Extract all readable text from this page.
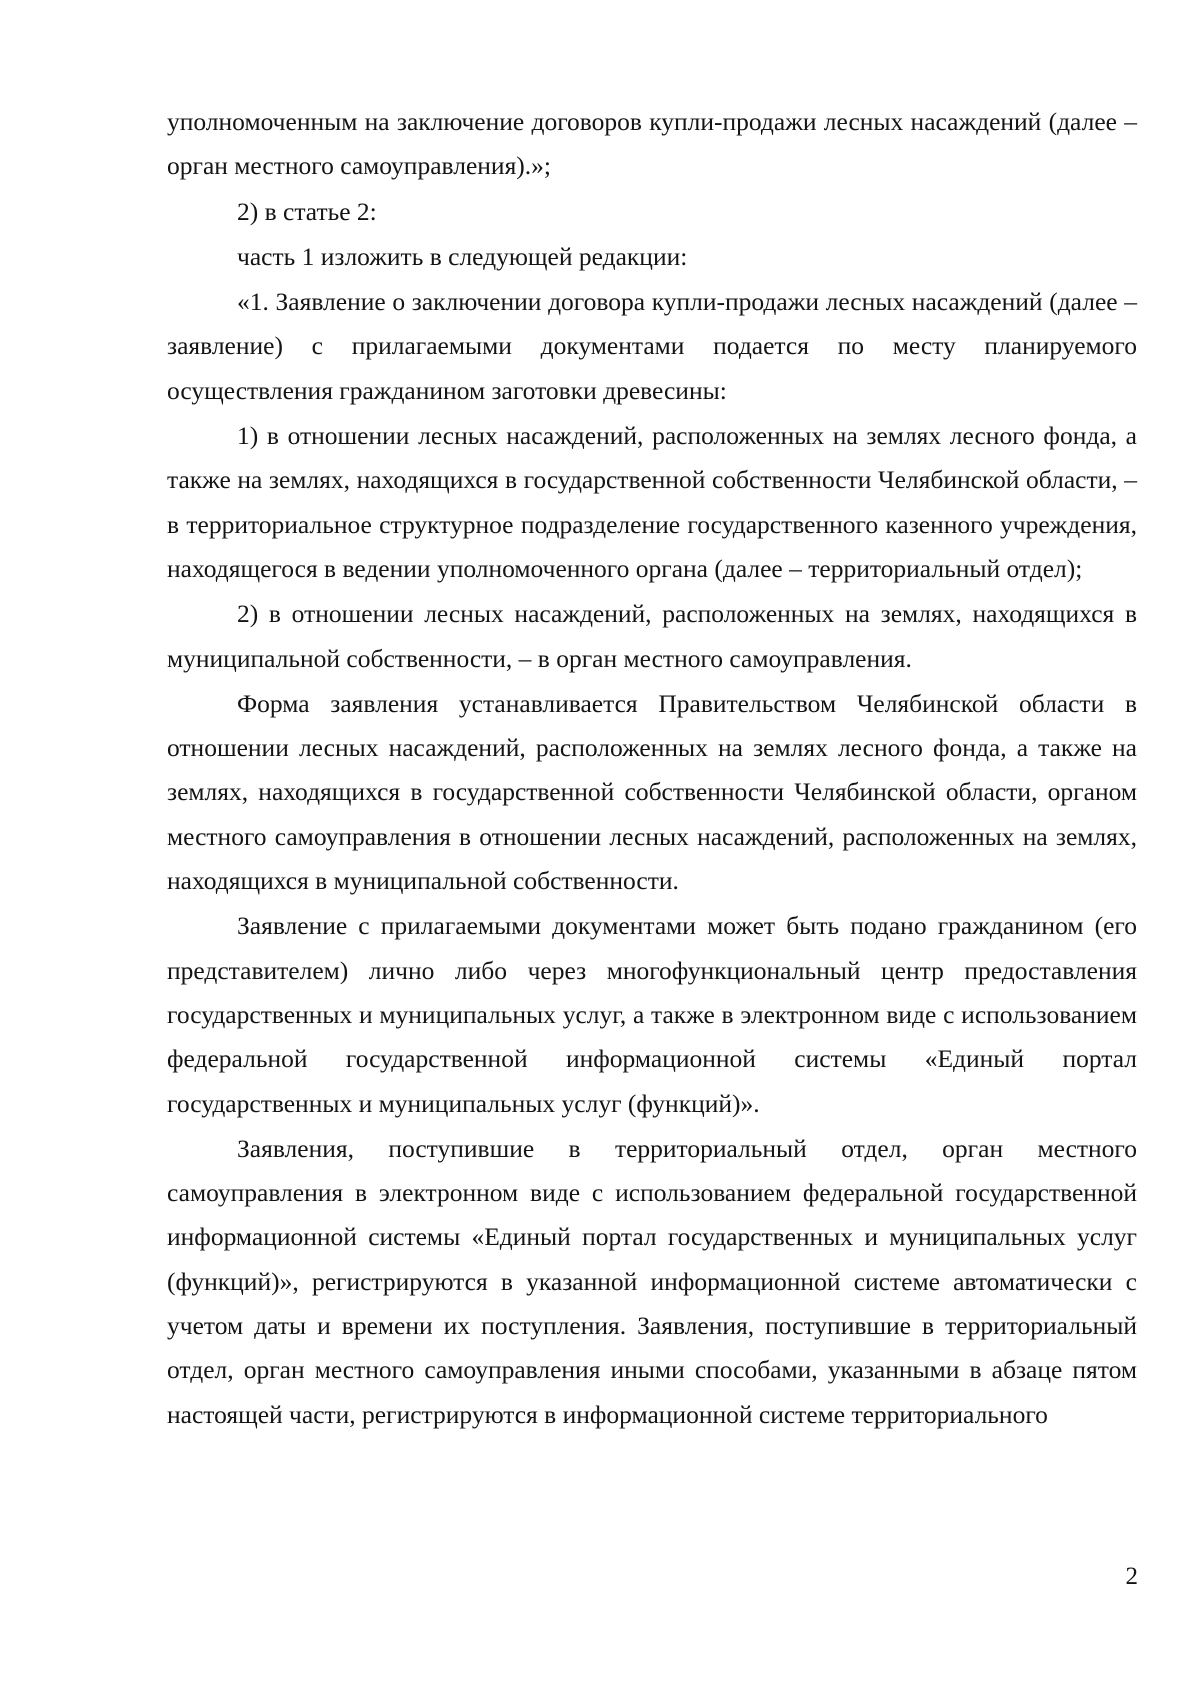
уполномоченным на заключение договоров купли-продажи лесных насаждений (далее – орган местного самоуправления).»;

2) в статье 2:

часть 1 изложить в следующей редакции:

«1. Заявление о заключении договора купли-продажи лесных насаждений (далее – заявление) с прилагаемыми документами подается по месту планируемого осуществления гражданином заготовки древесины:

1) в отношении лесных насаждений, расположенных на землях лесного фонда, а также на землях, находящихся в государственной собственности Челябинской области, – в территориальное структурное подразделение государственного казенного учреждения, находящегося в ведении уполномоченного органа (далее – территориальный отдел);

2) в отношении лесных насаждений, расположенных на землях, находящихся в муниципальной собственности, – в орган местного самоуправления.

Форма заявления устанавливается Правительством Челябинской области в отношении лесных насаждений, расположенных на землях лесного фонда, а также на землях, находящихся в государственной собственности Челябинской области, органом местного самоуправления в отношении лесных насаждений, расположенных на землях, находящихся в муниципальной собственности.

Заявление с прилагаемыми документами может быть подано гражданином (его представителем) лично либо через многофункциональный центр предоставления государственных и муниципальных услуг, а также в электронном виде с использованием федеральной государственной информационной системы «Единый портал государственных и муниципальных услуг (функций)».

Заявления, поступившие в территориальный отдел, орган местного самоуправления в электронном виде с использованием федеральной государственной информационной системы «Единый портал государственных и муниципальных услуг (функций)», регистрируются в указанной информационной системе автоматически с учетом даты и времени их поступления. Заявления, поступившие в территориальный отдел, орган местного самоуправления иными способами, указанными в абзаце пятом настоящей части, регистрируются в информационной системе территориального

2
